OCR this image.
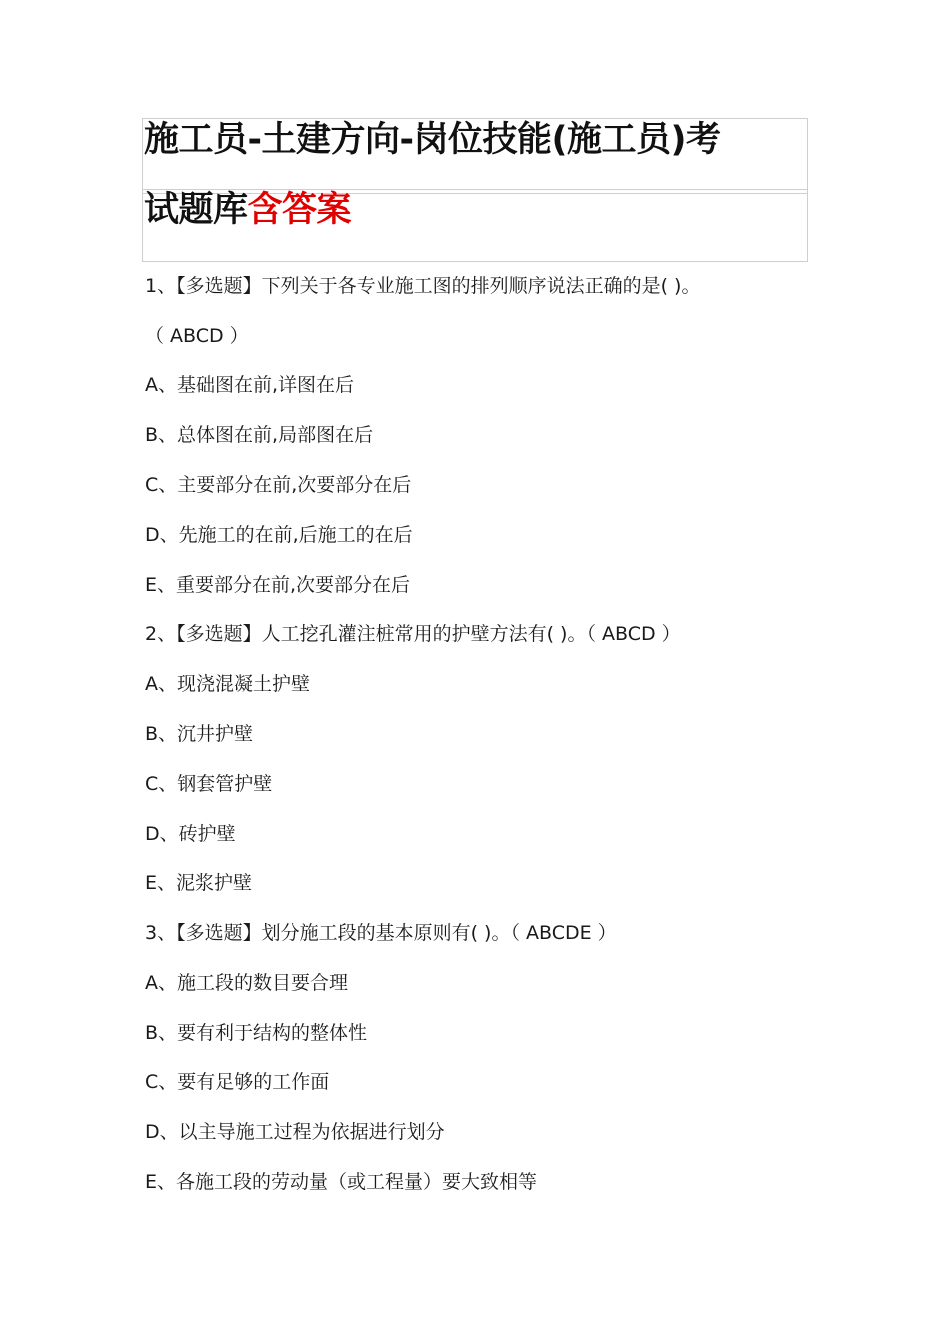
施工员-土建方向-岗位技能(施工员)考
试题库含答案
1、【多选题】下列关于各专业施工图的排列顺序说法正确的是( )。
（ ABCD ）
A、基础图在前,详图在后
B、总体图在前,局部图在后
C、主要部分在前,次要部分在后
D、先施工的在前,后施工的在后
E、重要部分在前,次要部分在后
2、【多选题】人工挖孔灌注桩常用的护壁方法有( )。（ ABCD ）
A、现浇混凝土护壁
B、沉井护壁
C、钢套管护壁
D、砖护壁
E、泥浆护壁
3、【多选题】划分施工段的基本原则有( )。（ ABCDE ）
A、施工段的数目要合理
B、要有利于结构的整体性
C、要有足够的工作面
D、以主导施工过程为依据进行划分
E、各施工段的劳动量（或工程量）要大致相等
